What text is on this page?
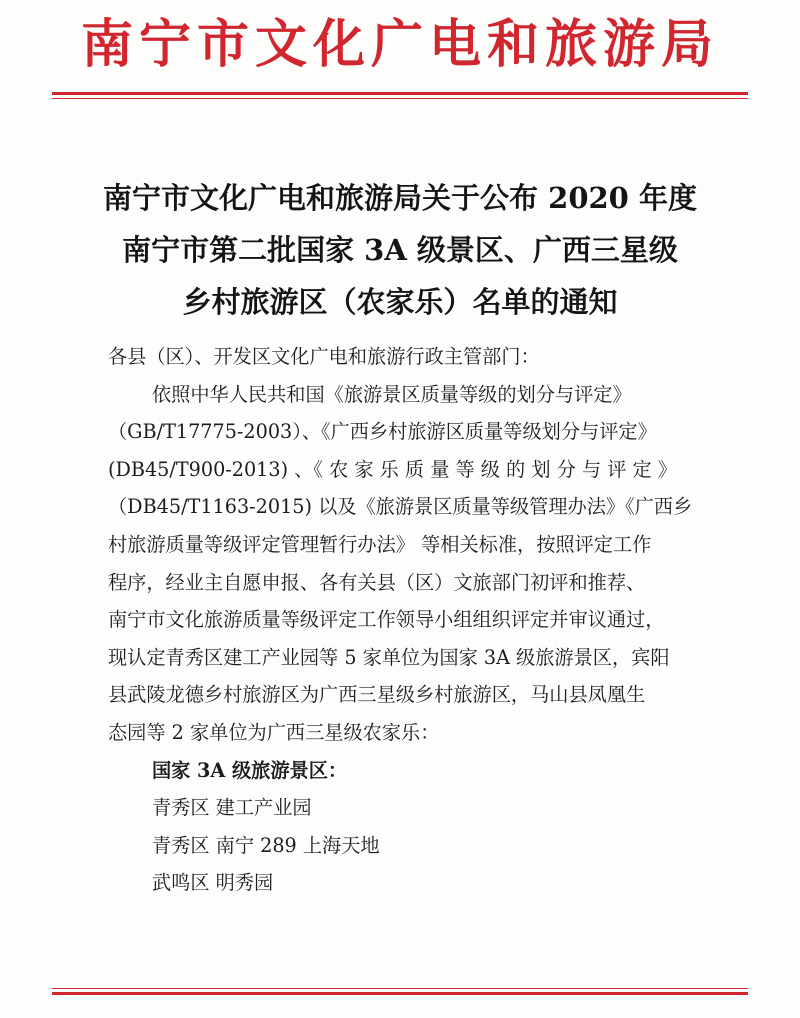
南宁市文化广电和旅游局
南宁市文化广电和旅游局关于公布 2020 年度
南宁市第二批国家 3A 级景区、广西三星级
乡村旅游区（农家乐）名单的通知

各县（区）、开发区文化广电和旅游行政主管部门：

依照中华人民共和国《旅游景区质量等级的划分与评定》

（GB/T17775-2003）、《广西乡村旅游区质量等级划分与评定》

(DB45/T900-2013) 、《 农 家 乐 质 量 等 级 的 划 分 与 评 定 》

（DB45/T1163-2015) 以及《旅游景区质量等级管理办法》《广西乡

村旅游质量等级评定管理暂行办法》 等相关标准，按照评定工作

程序，经业主自愿申报、各有关县（区）文旅部门初评和推荐、

南宁市文化旅游质量等级评定工作领导小组组织评定并审议通过，

现认定青秀区建工产业园等 5 家单位为国家 3A 级旅游景区，宾阳

县武陵龙德乡村旅游区为广西三星级乡村旅游区，马山县凤凰生

态园等 2 家单位为广西三星级农家乐：

国家 3A 级旅游景区：

青秀区 建工产业园

青秀区 南宁 289 上海天地

武鸣区 明秀园
